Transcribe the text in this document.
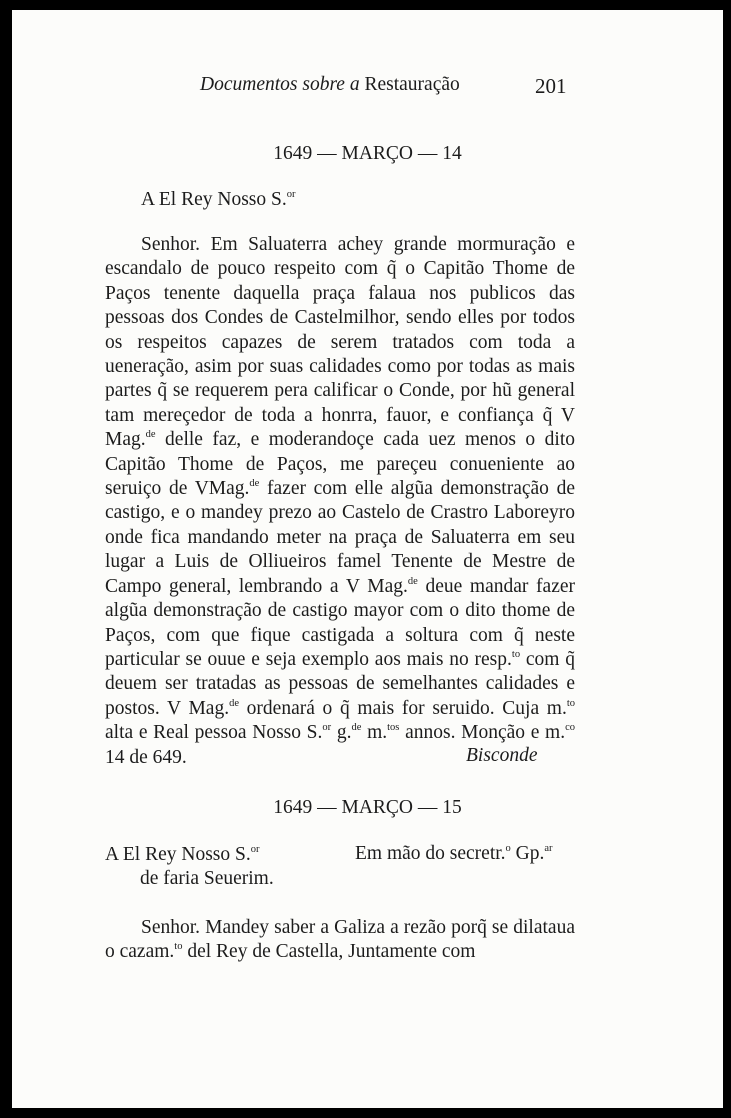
Documentos sobre a Restauração	201
1649 — MARÇO — 14
A El Rey Nosso S.$^{or}$

Senhor. Em Saluaterra achey grande mormuração e escandalo de pouco respeito com q̃ o Capitão Thome de Paços tenente daquella praça falaua nos publicos das pessoas dos Condes de Castelmilhor, sendo elles por todos os respeitos capazes de serem tratados com toda a ueneração, asim por suas calidades como por todas as mais partes q̃ se requerem pera calificar o Conde, por hũ general tam mereçedor de toda a honrra, fauor, e confiança q̃ V Mag.$^{de}$ delle faz, e moderandoçe cada uez menos o dito Capitão Thome de Paços, me pareçeu conueniente ao seruiço de VMag.$^{de}$ fazer com elle algũa demonstração de castigo, e o mandey prezo ao Castelo de Crastro Laboreyro onde fica mandando meter na praça de Saluaterra em seu lugar a Luis de Olliueiros famel Tenente de Mestre de Campo general, lembrando a V Mag.$^{de}$ deue mandar fazer algũa demonstração de castigo mayor com o dito thome de Paços, com que fique castigada a soltura com q̃ neste particular se ouue e seja exemplo aos mais no resp.$^{to}$ com q̃ deuem ser tratadas as pessoas de semelhantes calidades e postos. V Mag.$^{de}$ ordenará o q̃ mais for seruido. Cuja m.$^{to}$ alta e Real pessoa Nosso S.$^{or}$ g.$^{de}$ m.$^{tos}$ annos. Monção e m.$^{co}$ 14 de 649.	Bisconde
1649 — MARÇO — 15
A El Rey Nosso S.$^{or}$
de faria Seuerim.
Em mão do secretr.$^o$ Gp.$^{ar}$

Senhor. Mandey saber a Galiza a rezão porq̃ se dilataua o cazam.$^{to}$ del Rey de Castella, Juntamente com
